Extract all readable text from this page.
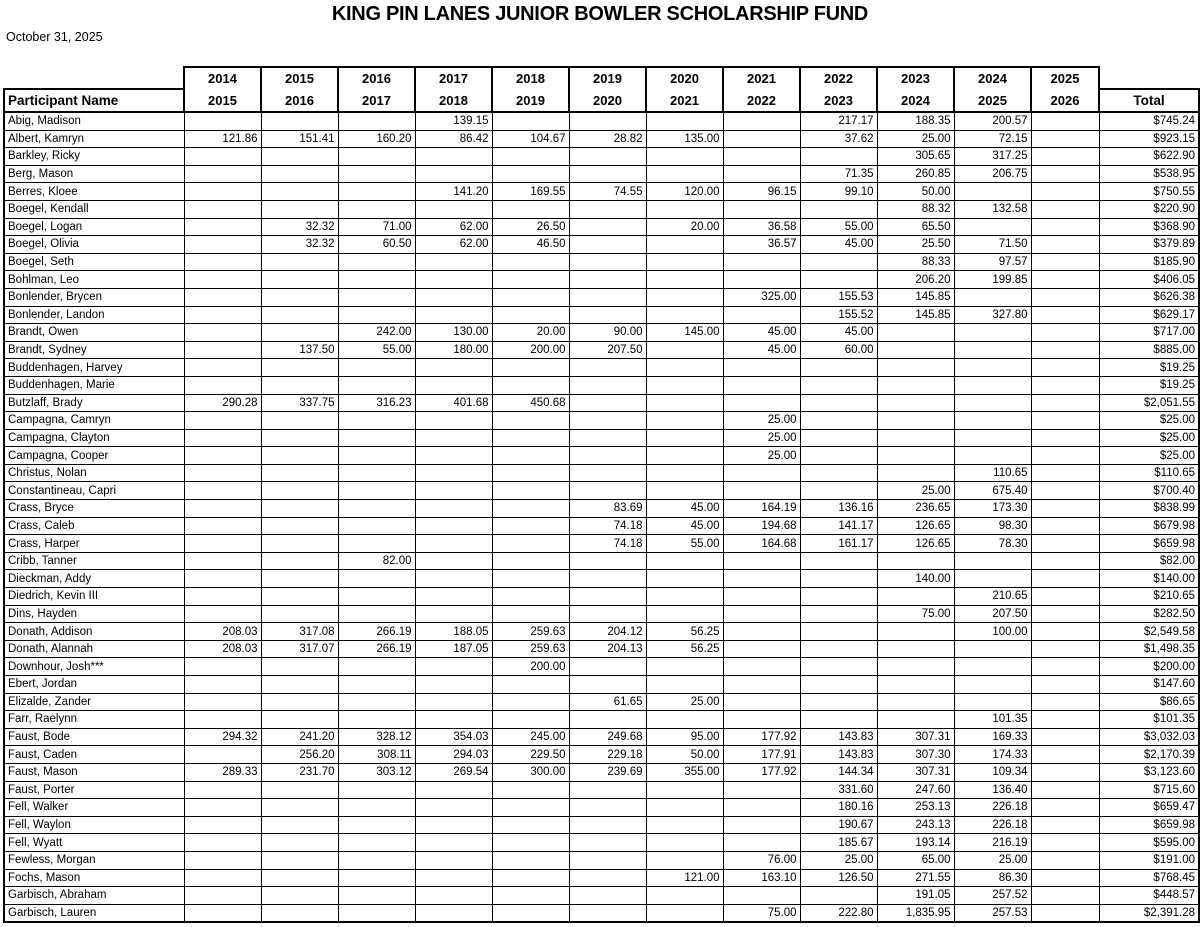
KING PIN LANES JUNIOR BOWLER SCHOLARSHIP FUND
October 31, 2025
	2014	2015	2016	2017	2018	2019	2020	2021	2022	2023	2024	2025	
Participant Name	2015	2016	2017	2018	2019	2020	2021	2022	2023	2024	2025	2026	Total
Abig, Madison				139.15					217.17	188.35	200.57		$745.24
Albert, Kamryn	121.86	151.41	160.20	86.42	104.67	28.82	135.00		37.62	25.00	72.15		$923.15
Barkley, Ricky										305.65	317.25		$622.90
Berg, Mason									71.35	260.85	206.75		$538.95
Berres, Kloee				141.20	169.55	74.55	120.00	96.15	99.10	50.00			$750.55
Boegel, Kendall										88.32	132.58		$220.90
Boegel, Logan		32.32	71.00	62.00	26.50		20.00	36.58	55.00	65.50			$368.90
Boegel, Olivia		32.32	60.50	62.00	46.50			36.57	45.00	25.50	71.50		$379.89
Boegel, Seth										88.33	97.57		$185.90
Bohlman, Leo										206.20	199.85		$406.05
Bonlender, Brycen								325.00	155.53	145.85			$626.38
Bonlender, Landon									155.52	145.85	327.80		$629.17
Brandt, Owen			242.00	130.00	20.00	90.00	145.00	45.00	45.00				$717.00
Brandt, Sydney		137.50	55.00	180.00	200.00	207.50		45.00	60.00				$885.00
Buddenhagen, Harvey													$19.25
Buddenhagen, Marie													$19.25
Butzlaff, Brady	290.28	337.75	316.23	401.68	450.68								$2,051.55
Campagna, Camryn								25.00					$25.00
Campagna, Clayton								25.00					$25.00
Campagna, Cooper								25.00					$25.00
Christus, Nolan											110.65		$110.65
Constantineau, Capri										25.00	675.40		$700.40
Crass, Bryce						83.69	45.00	164.19	136.16	236.65	173.30		$838.99
Crass, Caleb						74.18	45.00	194.68	141.17	126.65	98.30		$679.98
Crass, Harper						74.18	55.00	164.68	161.17	126.65	78.30		$659.98
Cribb, Tanner			82.00										$82.00
Dieckman, Addy										140.00			$140.00
Diedrich, Kevin III											210.65		$210.65
Dins, Hayden										75.00	207.50		$282.50
Donath, Addison	208.03	317.08	266.19	188.05	259.63	204.12	56.25				100.00		$2,549.58
Donath, Alannah	208.03	317.07	266.19	187.05	259.63	204.13	56.25						$1,498.35
Downhour, Josh***					200.00								$200.00
Ebert, Jordan													$147.60
Elizalde, Zander						61.65	25.00						$86.65
Farr, Raelynn											101.35		$101.35
Faust, Bode	294.32	241.20	328.12	354.03	245.00	249.68	95.00	177.92	143.83	307.31	169.33		$3,032.03
Faust, Caden		256.20	308.11	294.03	229.50	229.18	50.00	177.91	143.83	307.30	174.33		$2,170.39
Faust, Mason	289.33	231.70	303.12	269.54	300.00	239.69	355.00	177.92	144.34	307.31	109.34		$3,123.60
Faust, Porter									331.60	247.60	136.40		$715.60
Fell, Walker									180.16	253.13	226.18		$659.47
Fell, Waylon									190.67	243.13	226.18		$659.98
Fell, Wyatt									185.67	193.14	216.19		$595.00
Fewless, Morgan								76.00	25.00	65.00	25.00		$191.00
Fochs, Mason							121.00	163.10	126.50	271.55	86.30		$768.45
Garbisch, Abraham										191.05	257.52		$448.57
Garbisch, Lauren								75.00	222.80	1,835.95	257.53		$2,391.28
